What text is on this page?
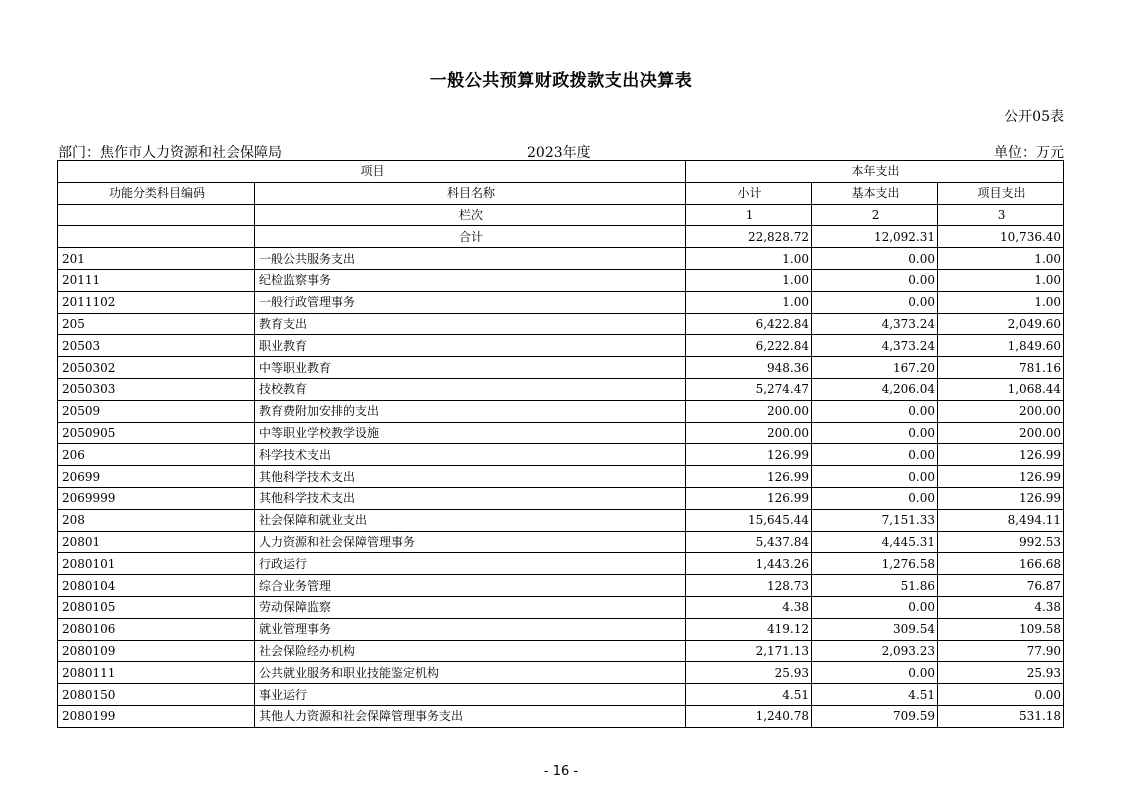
一般公共预算财政拨款支出决算表
公开05表
部门：焦作市人力资源和社会保障局	2023年度	单位：万元
项目		本年支出		
功能分类科目编码	科目名称	小计	基本支出	项目支出
	栏次	1	2	3
	合计	22,828.72	12,092.31	10,736.40
201	一般公共服务支出	1.00	0.00	1.00
20111	纪检监察事务	1.00	0.00	1.00
2011102	一般行政管理事务	1.00	0.00	1.00
205	教育支出	6,422.84	4,373.24	2,049.60
20503	职业教育	6,222.84	4,373.24	1,849.60
2050302	中等职业教育	948.36	167.20	781.16
2050303	技校教育	5,274.47	4,206.04	1,068.44
20509	教育费附加安排的支出	200.00	0.00	200.00
2050905	中等职业学校教学设施	200.00	0.00	200.00
206	科学技术支出	126.99	0.00	126.99
20699	其他科学技术支出	126.99	0.00	126.99
2069999	其他科学技术支出	126.99	0.00	126.99
208	社会保障和就业支出	15,645.44	7,151.33	8,494.11
20801	人力资源和社会保障管理事务	5,437.84	4,445.31	992.53
2080101	行政运行	1,443.26	1,276.58	166.68
2080104	综合业务管理	128.73	51.86	76.87
2080105	劳动保障监察	4.38	0.00	4.38
2080106	就业管理事务	419.12	309.54	109.58
2080109	社会保险经办机构	2,171.13	2,093.23	77.90
2080111	公共就业服务和职业技能鉴定机构	25.93	0.00	25.93
2080150	事业运行	4.51	4.51	0.00
2080199	其他人力资源和社会保障管理事务支出	1,240.78	709.59	531.18
- 16 -
